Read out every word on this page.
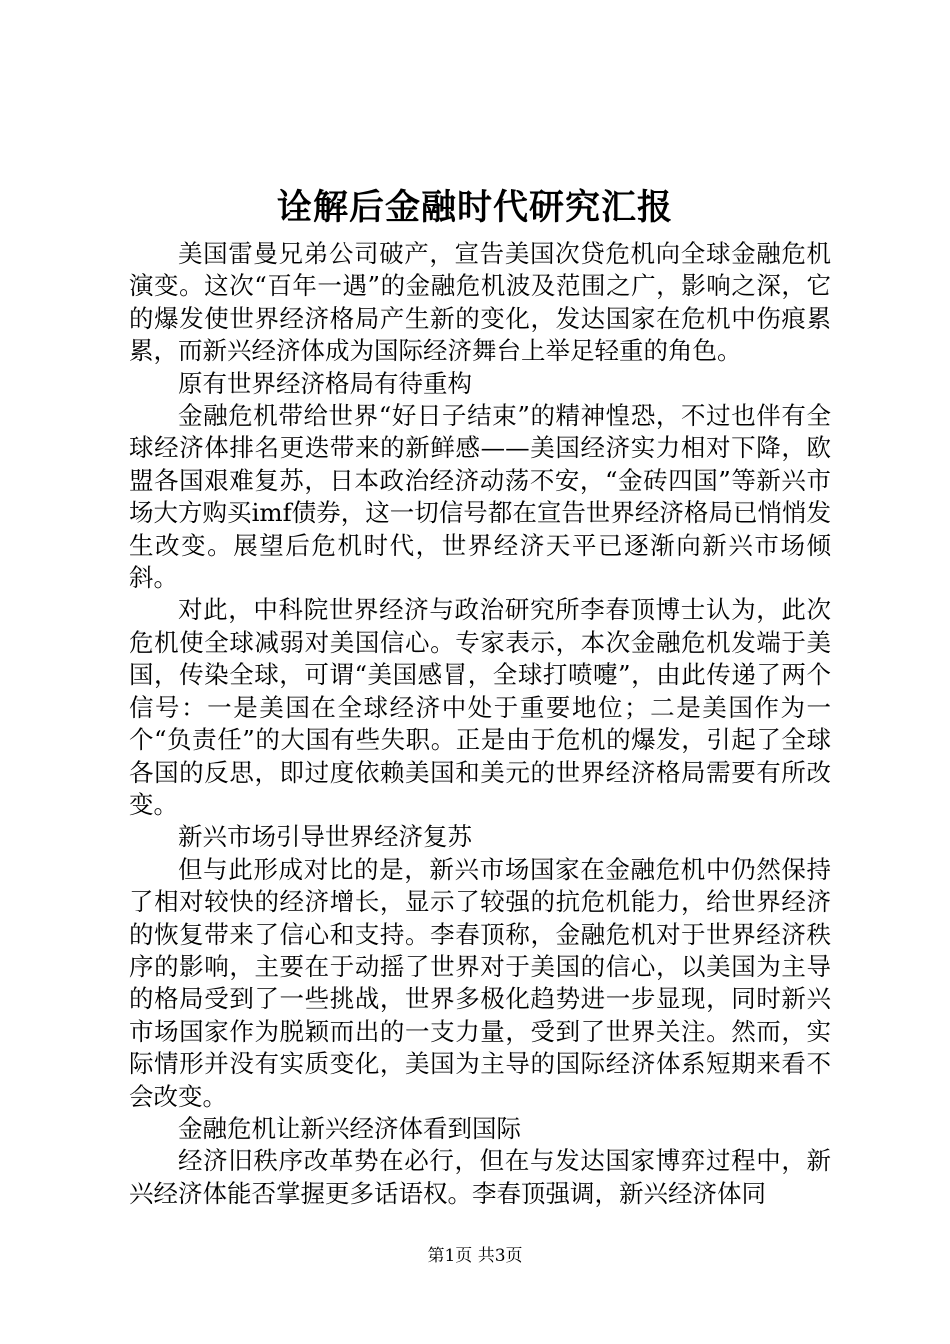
诠解后金融时代研究汇报

美国雷曼兄弟公司破产，宣告美国次贷危机向全球金融危机演变。这次“百年一遇”的金融危机波及范围之广，影响之深，它的爆发使世界经济格局产生新的变化，发达国家在危机中伤痕累累，而新兴经济体成为国际经济舞台上举足轻重的角色。

原有世界经济格局有待重构

金融危机带给世界“好日子结束”的精神惶恐，不过也伴有全球经济体排名更迭带来的新鲜感——美国经济实力相对下降，欧盟各国艰难复苏，日本政治经济动荡不安，“金砖四国”等新兴市场大方购买imf债券，这一切信号都在宣告世界经济格局已悄悄发生改变。展望后危机时代，世界经济天平已逐渐向新兴市场倾斜。

对此，中科院世界经济与政治研究所李春顶博士认为，此次危机使全球减弱对美国信心。专家表示，本次金融危机发端于美国，传染全球，可谓“美国感冒，全球打喷嚏”，由此传递了两个信号：一是美国在全球经济中处于重要地位；二是美国作为一个“负责任”的大国有些失职。正是由于危机的爆发，引起了全球各国的反思，即过度依赖美国和美元的世界经济格局需要有所改变。

新兴市场引导世界经济复苏

但与此形成对比的是，新兴市场国家在金融危机中仍然保持了相对较快的经济增长，显示了较强的抗危机能力，给世界经济的恢复带来了信心和支持。李春顶称，金融危机对于世界经济秩序的影响，主要在于动摇了世界对于美国的信心，以美国为主导的格局受到了一些挑战，世界多极化趋势进一步显现，同时新兴市场国家作为脱颖而出的一支力量，受到了世界关注。然而，实际情形并没有实质变化，美国为主导的国际经济体系短期来看不会改变。

金融危机让新兴经济体看到国际

经济旧秩序改革势在必行，但在与发达国家博弈过程中，新兴经济体能否掌握更多话语权。李春顶强调，新兴经济体同

第1页 共3页
